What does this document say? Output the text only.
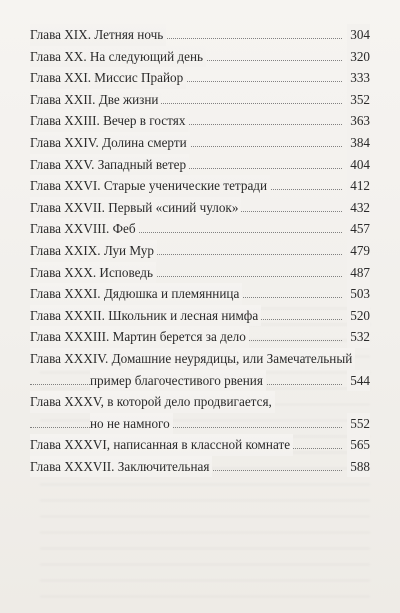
Глава XIX. Летняя ночь	304
Глава XX. На следующий день	320
Глава XXI. Миссис Прайор	333
Глава XXII. Две жизни	352
Глава XXIII. Вечер в гостях	363
Глава XXIV. Долина смерти	384
Глава XXV. Западный ветер	404
Глава XXVI. Старые ученические тетради	412
Глава XXVII. Первый «синий чулок»	432
Глава XXVIII. Феб	457
Глава XXIX. Луи Мур	479
Глава XXX. Исповедь	487
Глава XXXI. Дядюшка и племянница	503
Глава XXXII. Школьник и лесная нимфа	520
Глава XXXIII. Мартин берется за дело	532
Глава XXXIV. Домашние неурядицы, или Замечательный
пример благочестивого рвения	544
Глава XXXV, в которой дело продвигается,
но не намного	552
Глава XXXVI, написанная в классной комнате	565
Глава XXXVII. Заключительная	588
